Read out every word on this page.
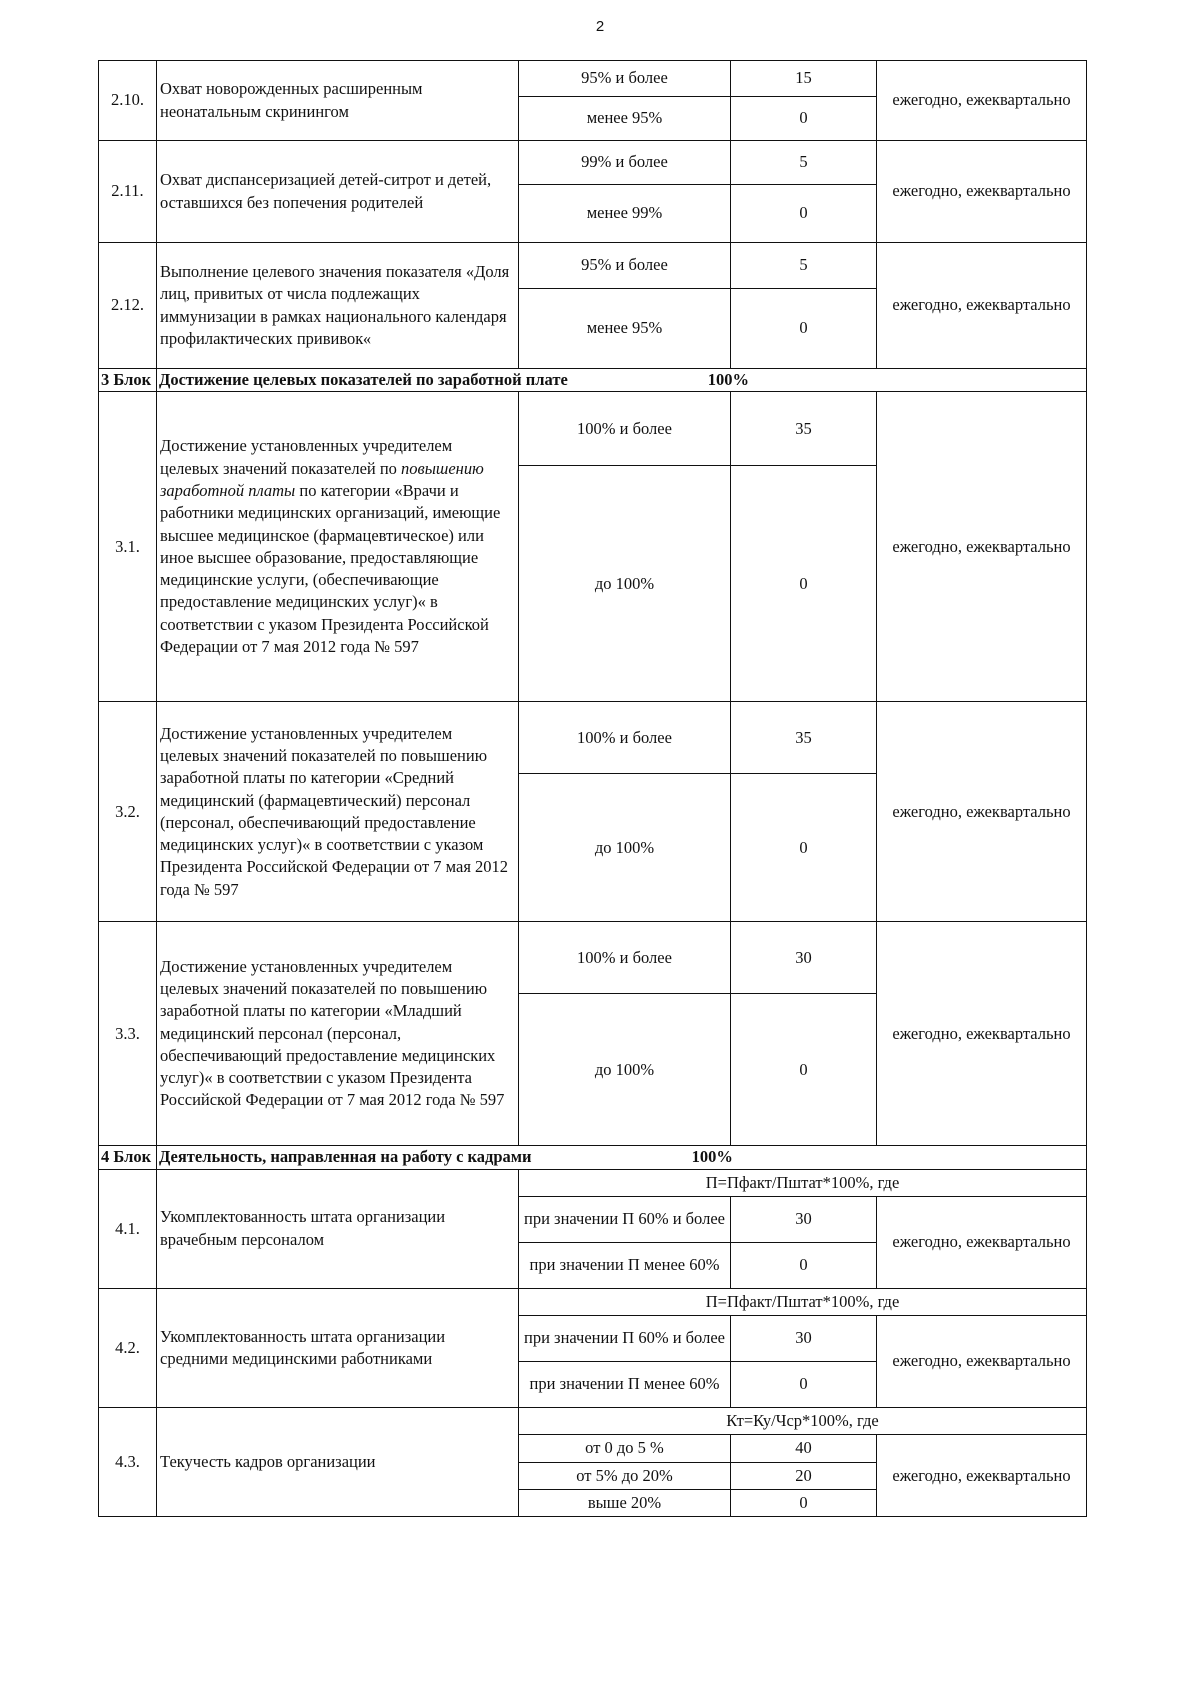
2
2.10.	Охват новорожденных расширенным неонатальным скринингом	95% и более	15	ежегодно, ежеквартально
		менее 95%	0	
2.11.	Охват диспансеризацией детей-ситрот и детей, оставшихся без попечения родителей	99% и более	5	ежегодно, ежеквартально
		менее 99%	0	
2.12.	Выполнение целевого значения показателя «Доля лиц, привитых от числа подлежащих иммунизации в рамках национального календаря профилактических прививок«	95% и более	5	ежегодно, ежеквартально
		менее 95%	0	
3 Блок	Достижение целевых показателей по заработной плате 100%			
3.1.	Достижение установленных учредителем целевых значений показателей по повышению заработной платы по категории «Врачи и работники медицинских организаций, имеющие высшее медицинское (фармацевтическое) или иное высшее образование, предоставляющие медицинские услуги, (обеспечивающие предоставление медицинских услуг)« в соответствии с указом Президента Российской Федерации от 7 мая 2012 года № 597	100% и более	35	ежегодно, ежеквартально
		до 100%	0	
3.2.	Достижение установленных учредителем целевых значений показателей по повышению заработной платы по категории «Средний медицинский (фармацевтический) персонал (персонал, обеспечивающий предоставление медицинских услуг)« в соответствии с указом Президента Российской Федерации от 7 мая 2012 года № 597	100% и более	35	ежегодно, ежеквартально
		до 100%	0	
3.3.	Достижение установленных учредителем целевых значений показателей по повышению заработной платы по категории «Младший медицинский персонал (персонал, обеспечивающий предоставление медицинских услуг)« в соответствии с указом Президента Российской Федерации от 7 мая 2012 года № 597	100% и более	30	ежегодно, ежеквартально
		до 100%	0	
4 Блок	Деятельность, направленная на работу с кадрами 100%			
4.1.	Укомплектованность штата организации врачебным персоналом	П=Пфакт/Пштат*100%, где		
		при значении П 60% и более	30	ежегодно, ежеквартально
		при значении П менее 60%	0	
4.2.	Укомплектованность штата организации средними медицинскими работниками	П=Пфакт/Пштат*100%, где		
		при значении П 60% и более	30	ежегодно, ежеквартально
		при значении П менее 60%	0	
4.3.	Текучесть кадров организации	Кт=Ку/Чср*100%, где		
		от 0 до 5 %	40	ежегодно, ежеквартально
		от 5% до 20%	20	
		выше 20%	0	
